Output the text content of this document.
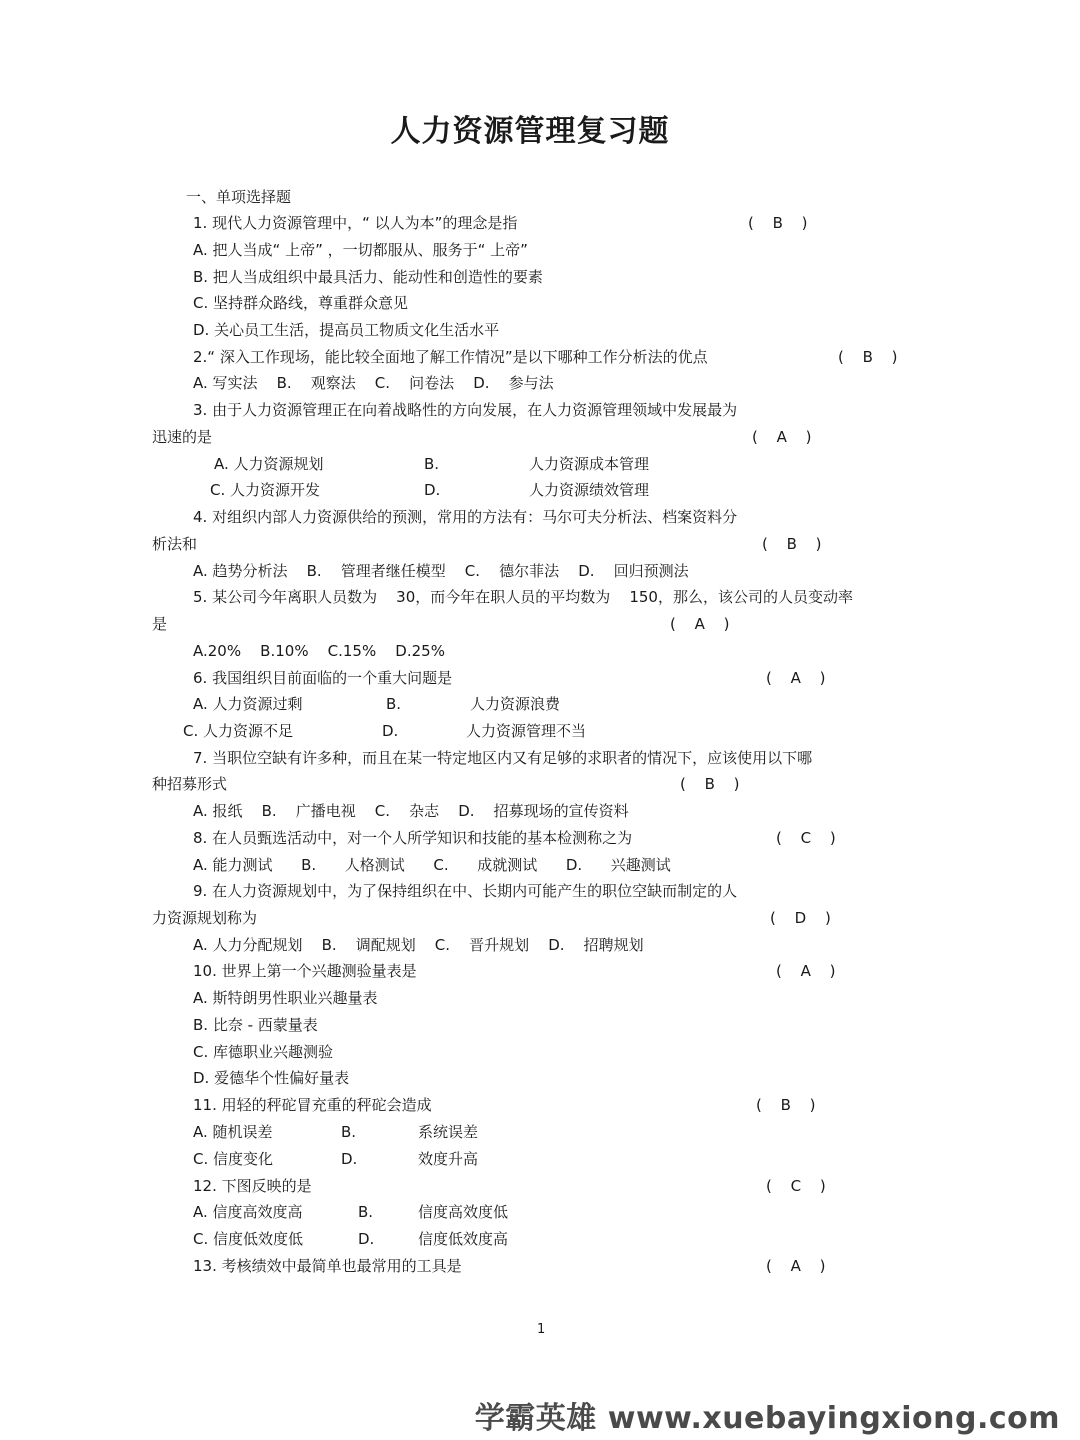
人力资源管理复习题
一、单项选择题
1. 现代人力资源管理中，“ 以人为本”的理念是指	( B )
A. 把人当成“ 上帝” ，一切都服从、服务于“ 上帝”
B. 把人当成组织中最具活力、能动性和创造性的要素
C. 坚持群众路线，尊重群众意见
D. 关心员工生活，提高员工物质文化生活水平
2.“ 深入工作现场，能比较全面地了解工作情况”是以下哪种工作分析法的优点	( B )
A. 写实法    B.    观察法    C.    问卷法    D.    参与法
3. 由于人力资源管理正在向着战略性的方向发展，在人力资源管理领域中发展最为
迅速的是	( A )
A. 人力资源规划	B.	人力资源成本管理
C. 人力资源开发	D.	人力资源绩效管理
4. 对组织内部人力资源供给的预测，常用的方法有：马尔可夫分析法、档案资料分
析法和	( B )
A. 趋势分析法    B.    管理者继任模型    C.    德尔菲法    D.    回归预测法
5. 某公司今年离职人员数为    30，而今年在职人员的平均数为    150，那么，该公司的人员变动率
是	( A )
A.20%    B.10%    C.15%    D.25%
6. 我国组织目前面临的一个重大问题是	( A )
A. 人力资源过剩	B.	人力资源浪费
C. 人力资源不足	D.	人力资源管理不当
7. 当职位空缺有许多种，而且在某一特定地区内又有足够的求职者的情况下，应该使用以下哪
种招募形式	( B )
A. 报纸    B.    广播电视    C.    杂志    D.    招募现场的宣传资料
8. 在人员甄选活动中，对一个人所学知识和技能的基本检测称之为	( C )
A. 能力测试      B.      人格测试      C.      成就测试      D.      兴趣测试
9. 在人力资源规划中，为了保持组织在中、长期内可能产生的职位空缺而制定的人
力资源规划称为	( D )
A. 人力分配规划    B.    调配规划    C.    晋升规划    D.    招聘规划
10. 世界上第一个兴趣测验量表是	( A )
A. 斯特朗男性职业兴趣量表
B. 比奈 - 西蒙量表
C. 库德职业兴趣测验
D. 爱德华个性偏好量表
11. 用轻的秤砣冒充重的秤砣会造成	( B )
A. 随机误差	B.	系统误差
C. 信度变化	D.	效度升高
12. 下图反映的是	( C )
A. 信度高效度高	B.	信度高效度低
C. 信度低效度低	D.	信度低效度高
13. 考核绩效中最简单也最常用的工具是	( A )
1
学霸英雄 www.xuebayingxiong.com
